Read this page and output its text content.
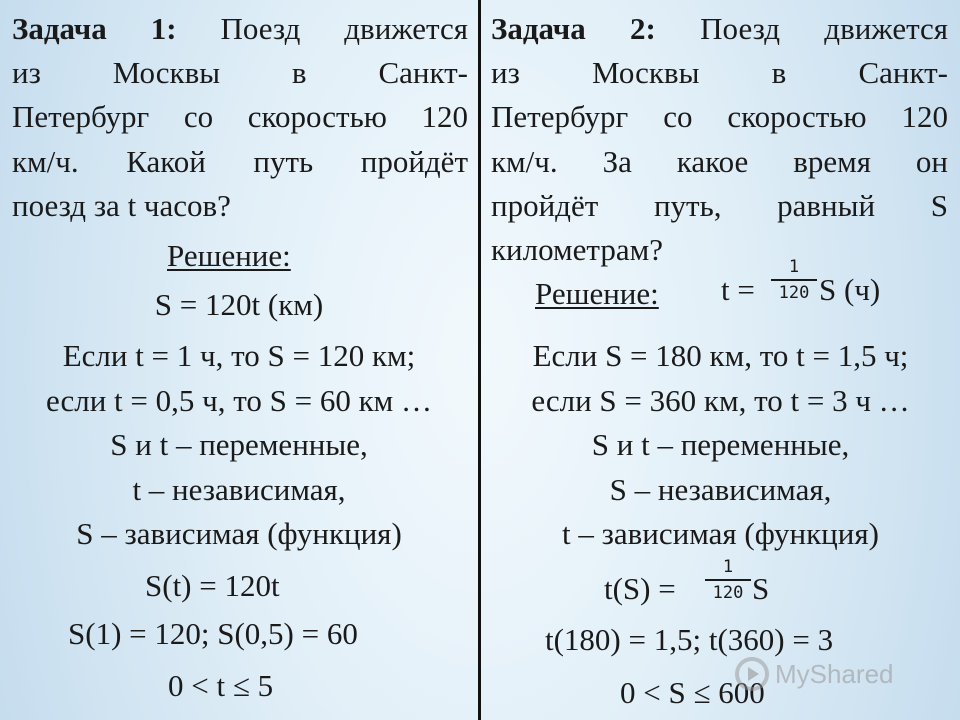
Задача 1: Поезд движется
из Москвы в Санкт-
Петербург со скоростью 120
км/ч. Какой путь пройдёт
поезд за t часов?
Решение:
S = 120t (км)
Если t = 1 ч, то S = 120 км;
если t = 0,5 ч, то S = 60 км …
S и t – переменные,
t – независимая,
S – зависимая (функция)
S(t) = 120t
S(1) = 120; S(0,5) = 60
0 < t ≤ 5
Задача 2: Поезд движется
из Москвы в Санкт-
Петербург со скоростью 120
км/ч. За какое время он
пройдёт путь, равный S
километрам?
Решение: t =
1
120 S (ч)
Если S = 180 км, то t = 1,5 ч;
если S = 360 км, то t = 3 ч …
S и t – переменные,
S – независимая,
t – зависимая (функция)
t(S) =
1
120 S
t(180) = 1,5; t(360) = 3
0 < S ≤ 600
MyShared
